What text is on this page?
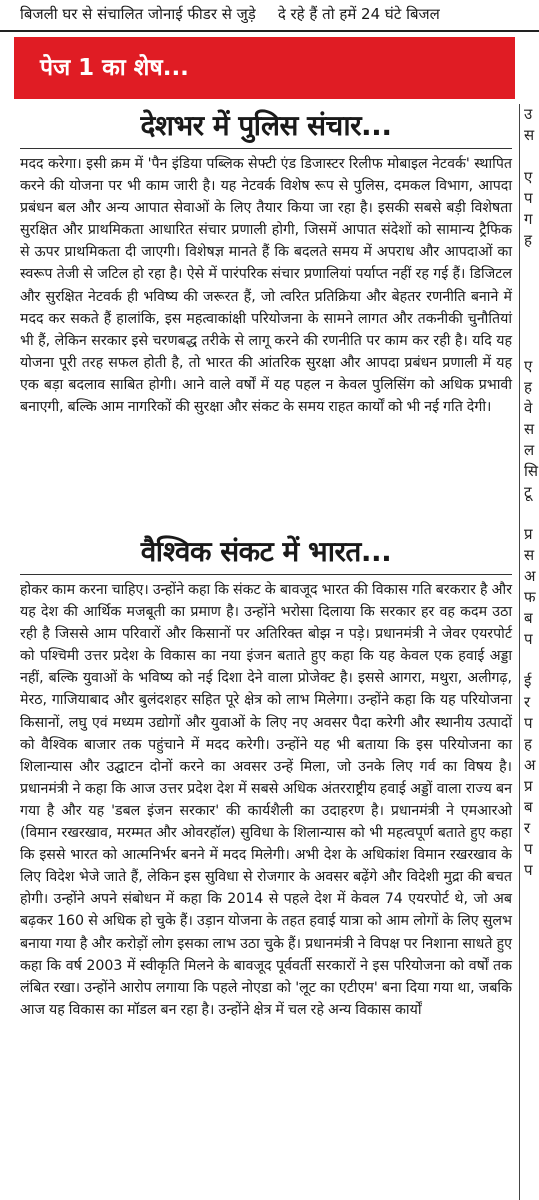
बिजली घर से संचालित जोनाई फीडर से जुड़े दे रहे हैं तो हमें 24 घंटे बिजल
पेज 1 का शेष...
देशभर में पुलिस संचार...

मदद करेगा। इसी क्रम में 'पैन इंडिया पब्लिक सेफ्टी एंड डिजास्टर रिलीफ मोबाइल नेटवर्क' स्थापित करने की योजना पर भी काम जारी है। यह नेटवर्क विशेष रूप से पुलिस, दमकल विभाग, आपदा प्रबंधन बल और अन्य आपात सेवाओं के लिए तैयार किया जा रहा है। इसकी सबसे बड़ी विशेषता सुरक्षित और प्राथमिकता आधारित संचार प्रणाली होगी, जिसमें आपात संदेशों को सामान्य ट्रैफिक से ऊपर प्राथमिकता दी जाएगी। विशेषज्ञ मानते हैं कि बदलते समय में अपराध और आपदाओं का स्वरूप तेजी से जटिल हो रहा है। ऐसे में पारंपरिक संचार प्रणालियां पर्याप्त नहीं रह गई हैं। डिजिटल और सुरक्षित नेटवर्क ही भविष्य की जरूरत हैं, जो त्वरित प्रतिक्रिया और बेहतर रणनीति बनाने में मदद कर सकते हैं हालांकि, इस महत्वाकांक्षी परियोजना के सामने लागत और तकनीकी चुनौतियां भी हैं, लेकिन सरकार इसे चरणबद्ध तरीके से लागू करने की रणनीति पर काम कर रही है। यदि यह योजना पूरी तरह सफल होती है, तो भारत की आंतरिक सुरक्षा और आपदा प्रबंधन प्रणाली में यह एक बड़ा बदलाव साबित होगी। आने वाले वर्षों में यह पहल न केवल पुलिसिंग को अधिक प्रभावी बनाएगी, बल्कि आम नागरिकों की सुरक्षा और संकट के समय राहत कार्यों को भी नई गति देगी।

वैश्विक संकट में भारत...

होकर काम करना चाहिए। उन्होंने कहा कि संकट के बावजूद भारत की विकास गति बरकरार है और यह देश की आर्थिक मजबूती का प्रमाण है। उन्होंने भरोसा दिलाया कि सरकार हर वह कदम उठा रही है जिससे आम परिवारों और किसानों पर अतिरिक्त बोझ न पड़े। प्रधानमंत्री ने जेवर एयरपोर्ट को पश्चिमी उत्तर प्रदेश के विकास का नया इंजन बताते हुए कहा कि यह केवल एक हवाई अड्डा नहीं, बल्कि युवाओं के भविष्य को नई दिशा देने वाला प्रोजेक्ट है। इससे आगरा, मथुरा, अलीगढ़, मेरठ, गाजियाबाद और बुलंदशहर सहित पूरे क्षेत्र को लाभ मिलेगा। उन्होंने कहा कि यह परियोजना किसानों, लघु एवं मध्यम उद्योगों और युवाओं के लिए नए अवसर पैदा करेगी और स्थानीय उत्पादों को वैश्विक बाजार तक पहुंचाने में मदद करेगी। उन्होंने यह भी बताया कि इस परियोजना का शिलान्यास और उद्घाटन दोनों करने का अवसर उन्हें मिला, जो उनके लिए गर्व का विषय है। प्रधानमंत्री ने कहा कि आज उत्तर प्रदेश देश में सबसे अधिक अंतरराष्ट्रीय हवाई अड्डों वाला राज्य बन गया है और यह 'डबल इंजन सरकार' की कार्यशैली का उदाहरण है। प्रधानमंत्री ने एमआरओ (विमान रखरखाव, मरम्मत और ओवरहॉल) सुविधा के शिलान्यास को भी महत्वपूर्ण बताते हुए कहा कि इससे भारत को आत्मनिर्भर बनने में मदद मिलेगी। अभी देश के अधिकांश विमान रखरखाव के लिए विदेश भेजे जाते हैं, लेकिन इस सुविधा से रोजगार के अवसर बढ़ेंगे और विदेशी मुद्रा की बचत होगी। उन्होंने अपने संबोधन में कहा कि 2014 से पहले देश में केवल 74 एयरपोर्ट थे, जो अब बढ़कर 160 से अधिक हो चुके हैं। उड़ान योजना के तहत हवाई यात्रा को आम लोगों के लिए सुलभ बनाया गया है और करोड़ों लोग इसका लाभ उठा चुके हैं। प्रधानमंत्री ने विपक्ष पर निशाना साधते हुए कहा कि वर्ष 2003 में स्वीकृति मिलने के बावजूद पूर्ववर्ती सरकारों ने इस परियोजना को वर्षों तक लंबित रखा। उन्होंने आरोप लगाया कि पहले नोएडा को 'लूट का एटीएम' बना दिया गया था, जबकि आज यह विकास का मॉडल बन रहा है। उन्होंने क्षेत्र में चल रहे अन्य विकास कार्यों

उ
स
ए
प
ग
ह
ए
ह
वे
स
ल
सि
टू
प्र
स
अ
फ
ब
प
ई
र
प
ह
अ
प्र
ब
र
प
प
